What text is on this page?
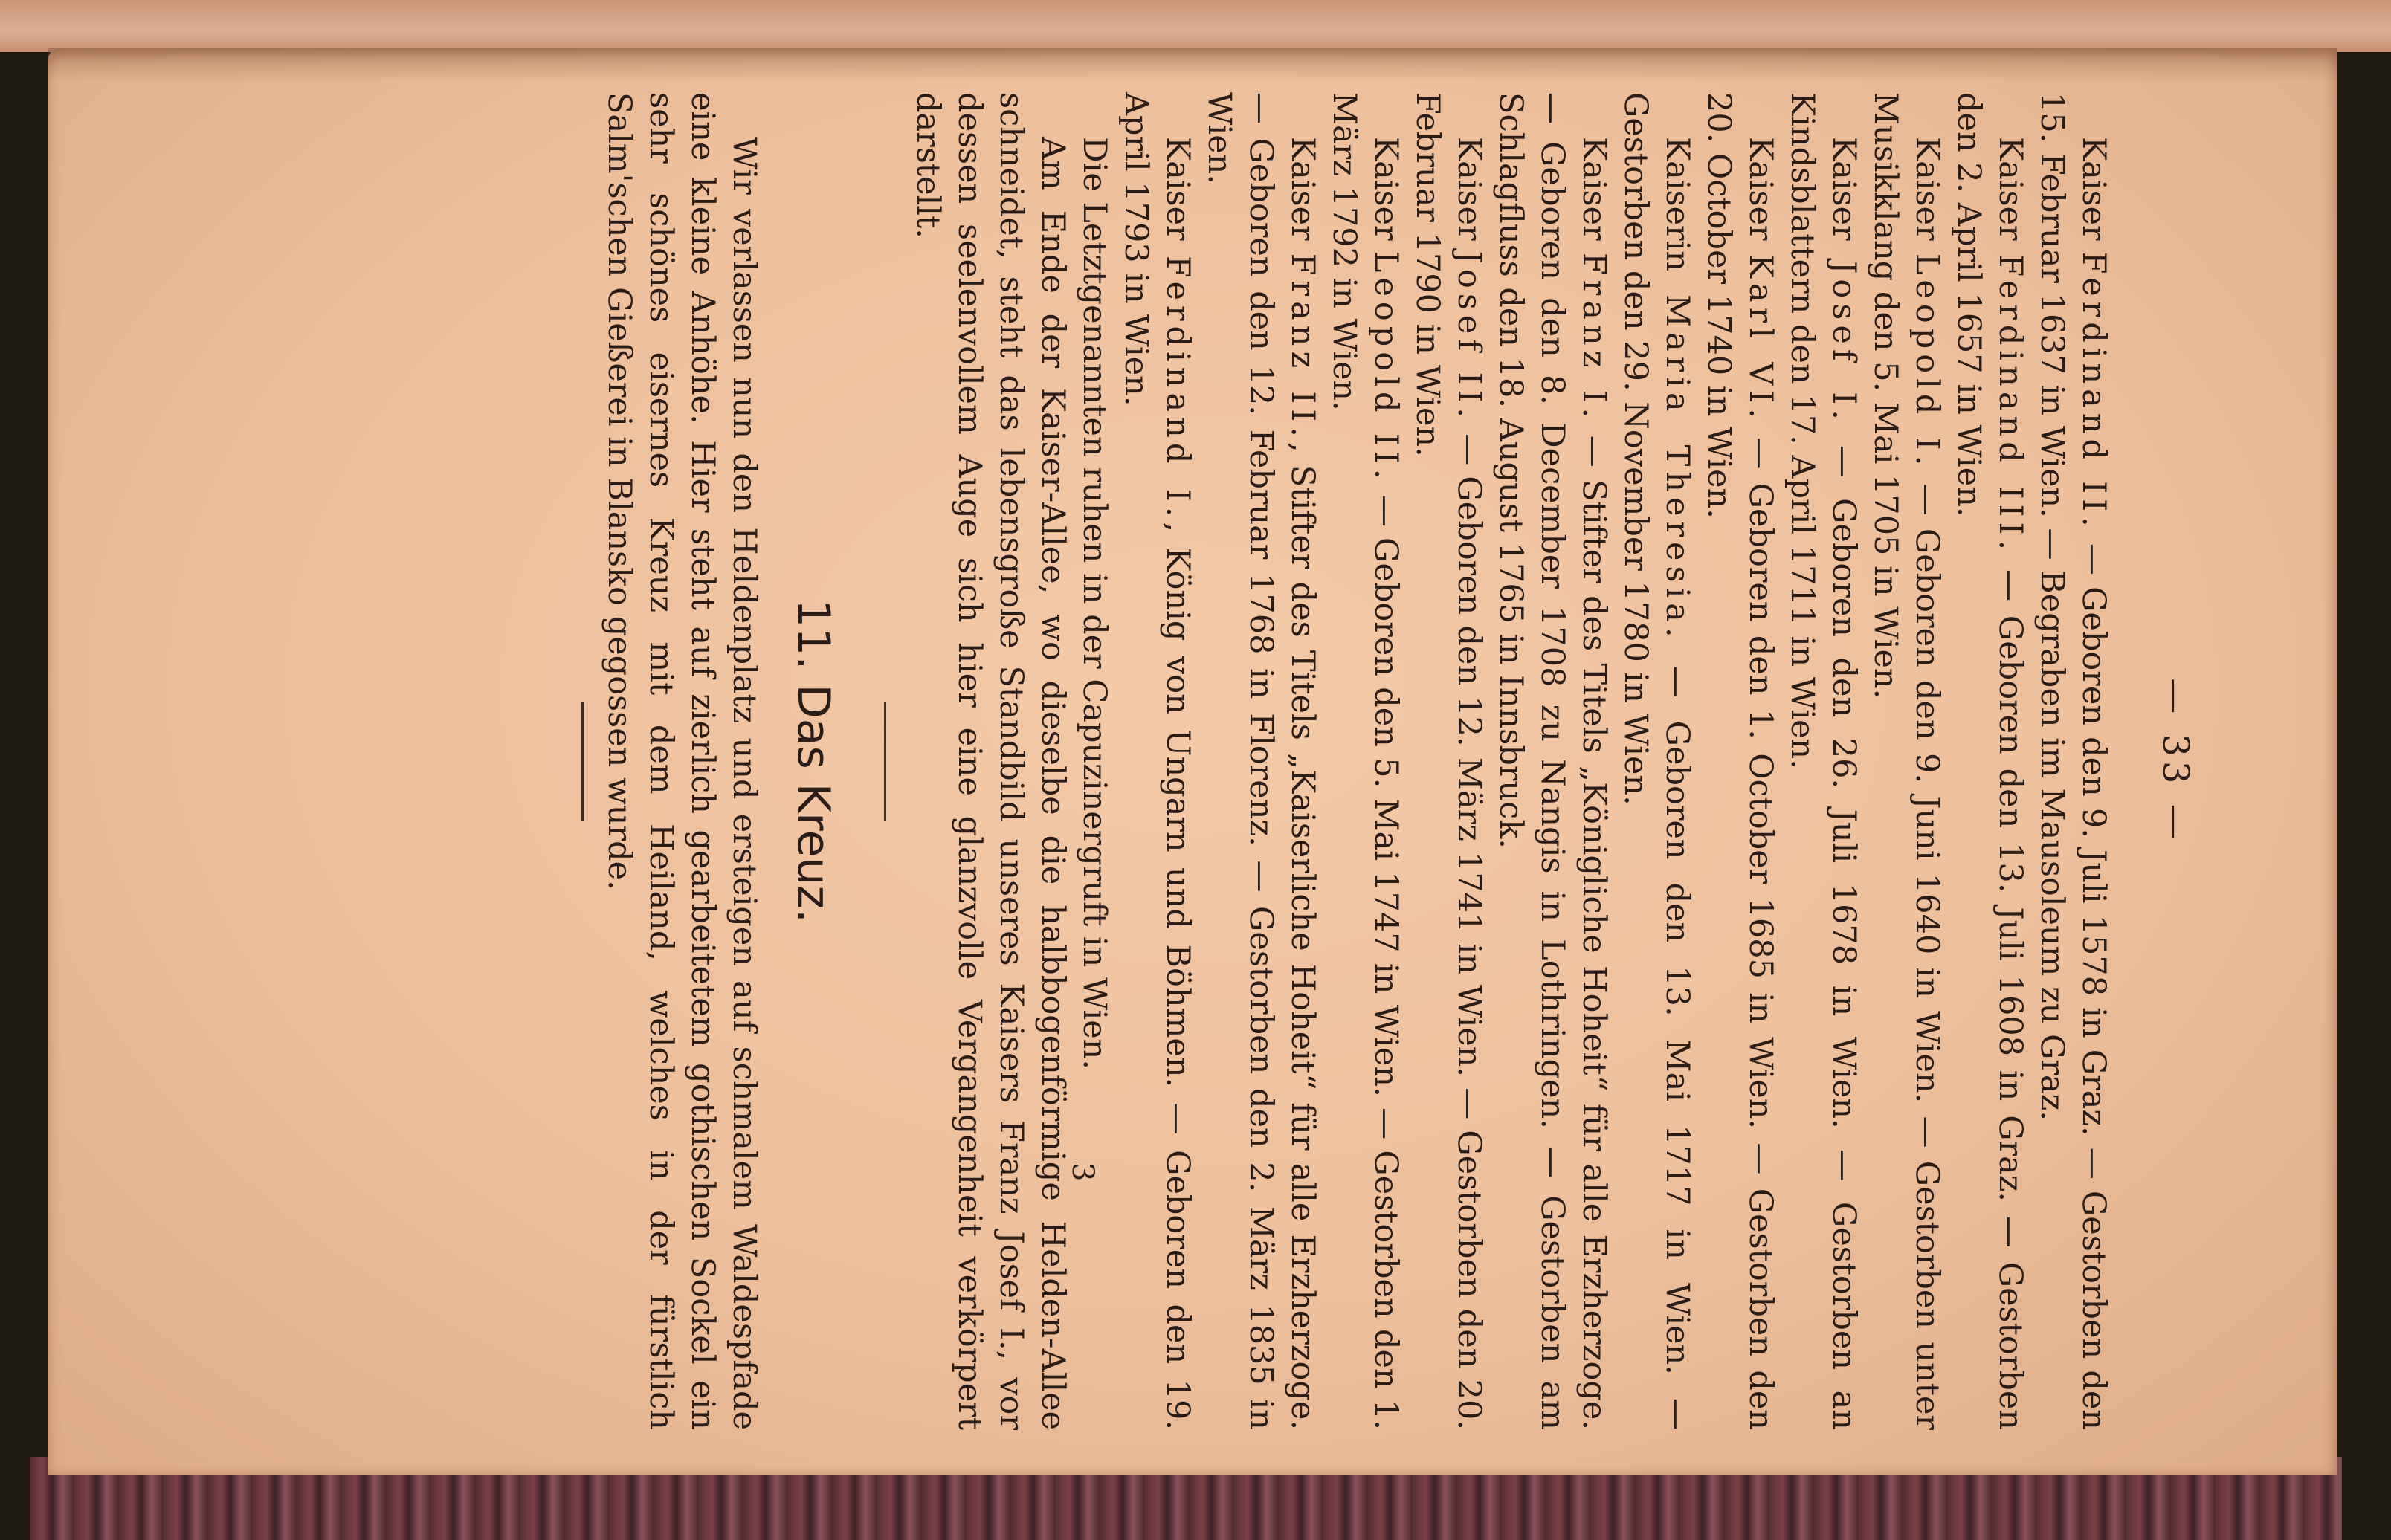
— 33 —

Kaiser Ferdinand II. — Geboren den 9. Juli 1578 in Graz. — Gestorben den 15. Februar 1637 in Wien. — Begraben im Mausoleum zu Graz.

Kaiser Ferdinand III. — Geboren den 13. Juli 1608 in Graz. — Gestorben den 2. April 1657 in Wien.

Kaiser Leopold I. — Geboren den 9. Juni 1640 in Wien. — Gestorben unter Musikklang den 5. Mai 1705 in Wien.

Kaiser Josef I. — Geboren den 26. Juli 1678 in Wien. — Gestorben an Kindsblattern den 17. April 1711 in Wien.

Kaiser Karl VI. — Geboren den 1. October 1685 in Wien. — Gestorben den 20. October 1740 in Wien.

Kaiserin Maria Theresia. — Geboren den 13. Mai 1717 in Wien. — Gestorben den 29. November 1780 in Wien.

Kaiser Franz I. — Stifter des Titels „Königliche Hoheit“ für alle Erzherzoge. — Geboren den 8. December 1708 zu Nangis in Lothringen. — Gestorben am Schlagfluss den 18. August 1765 in Innsbruck.

Kaiser Josef II. — Geboren den 12. März 1741 in Wien. — Gestorben den 20. Februar 1790 in Wien.

Kaiser Leopold II. — Geboren den 5. Mai 1747 in Wien. — Gestorben den 1. März 1792 in Wien.

Kaiser Franz II., Stifter des Titels „Kaiserliche Hoheit“ für alle Erzherzoge. — Geboren den 12. Februar 1768 in Florenz. — Gestorben den 2. März 1835 in Wien.

Kaiser Ferdinand I., König von Ungarn und Böhmen. — Geboren den 19. April 1793 in Wien.

Die Letztgenannten ruhen in der Capuzinergruft in Wien.

Am Ende der Kaiser-Allee, wo dieselbe die halbbogenförmige Helden-Allee schneidet, steht das lebensgroße Standbild unseres Kaisers Franz Josef I., vor dessen seelenvollem Auge sich hier eine glanzvolle Vergangenheit verkörpert darstellt.

11. Das Kreuz.

Wir verlassen nun den Heldenplatz und ersteigen auf schmalem Waldespfade eine kleine Anhöhe. Hier steht auf zierlich gearbeitetem gothischen Sockel ein sehr schönes eisernes Kreuz mit dem Heiland, welches in der fürstlich Salm'schen Gießerei in Blansko gegossen wurde.

3
